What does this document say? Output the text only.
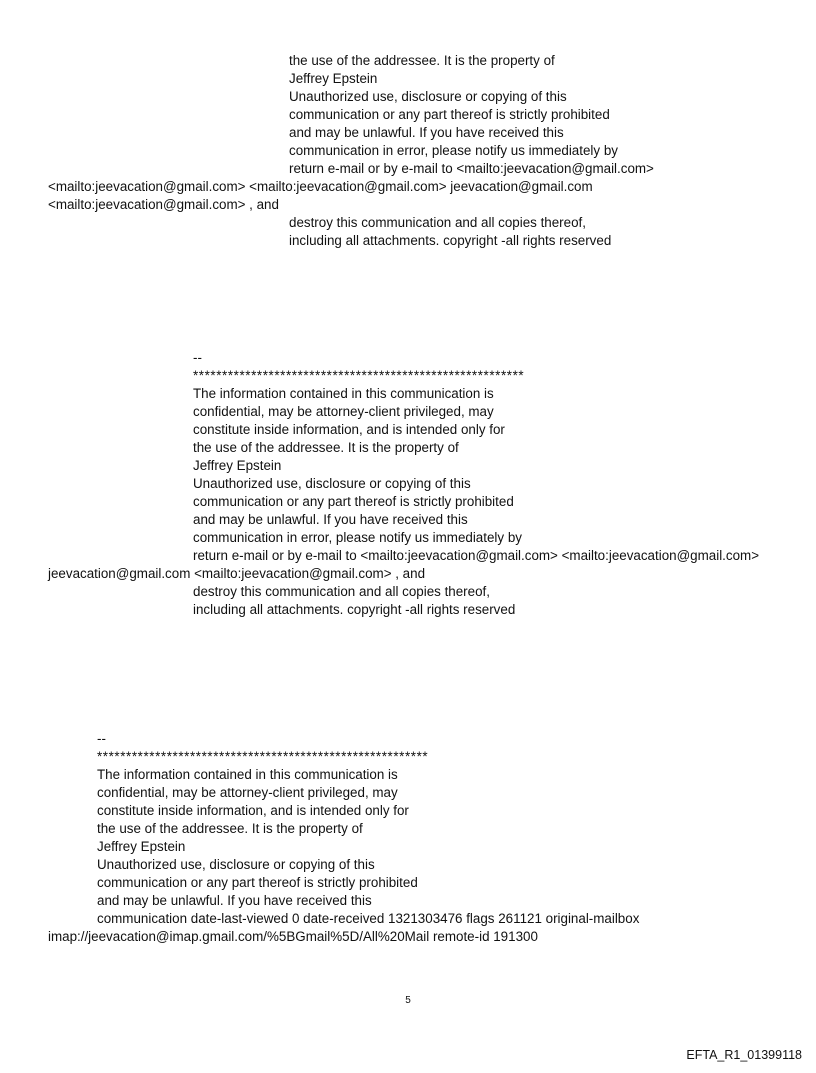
the use of the addressee. It is the property of
Jeffrey Epstein
Unauthorized use, disclosure or copying of this
communication or any part thereof is strictly prohibited
and may be unlawful. If you have received this
communication in error, please notify us immediately by
return e-mail or by e-mail to <mailto:jeevacation@gmail.com>
<mailto:jeevacation@gmail.com> <mailto:jeevacation@gmail.com> jeevacation@gmail.com
<mailto:jeevacation@gmail.com> , and
destroy this communication and all copies thereof,
including all attachments. copyright -all rights reserved
--
*********************************************************
The information contained in this communication is
confidential, may be attorney-client privileged, may
constitute inside information, and is intended only for
the use of the addressee. It is the property of
Jeffrey Epstein
Unauthorized use, disclosure or copying of this
communication or any part thereof is strictly prohibited
and may be unlawful. If you have received this
communication in error, please notify us immediately by
return e-mail or by e-mail to <mailto:jeevacation@gmail.com> <mailto:jeevacation@gmail.com>
jeevacation@gmail.com <mailto:jeevacation@gmail.com> , and
destroy this communication and all copies thereof,
including all attachments. copyright -all rights reserved
--
*********************************************************
The information contained in this communication is
confidential, may be attorney-client privileged, may
constitute inside information, and is intended only for
the use of the addressee. It is the property of
Jeffrey Epstein
Unauthorized use, disclosure or copying of this
communication or any part thereof is strictly prohibited
and may be unlawful. If you have received this
communication date-last-viewed 0 date-received 1321303476 flags 261121 original-mailbox
imap://jeevacation@imap.gmail.com/%5BGmail%5D/All%20Mail remote-id 191300
5
EFTA_R1_01399118
